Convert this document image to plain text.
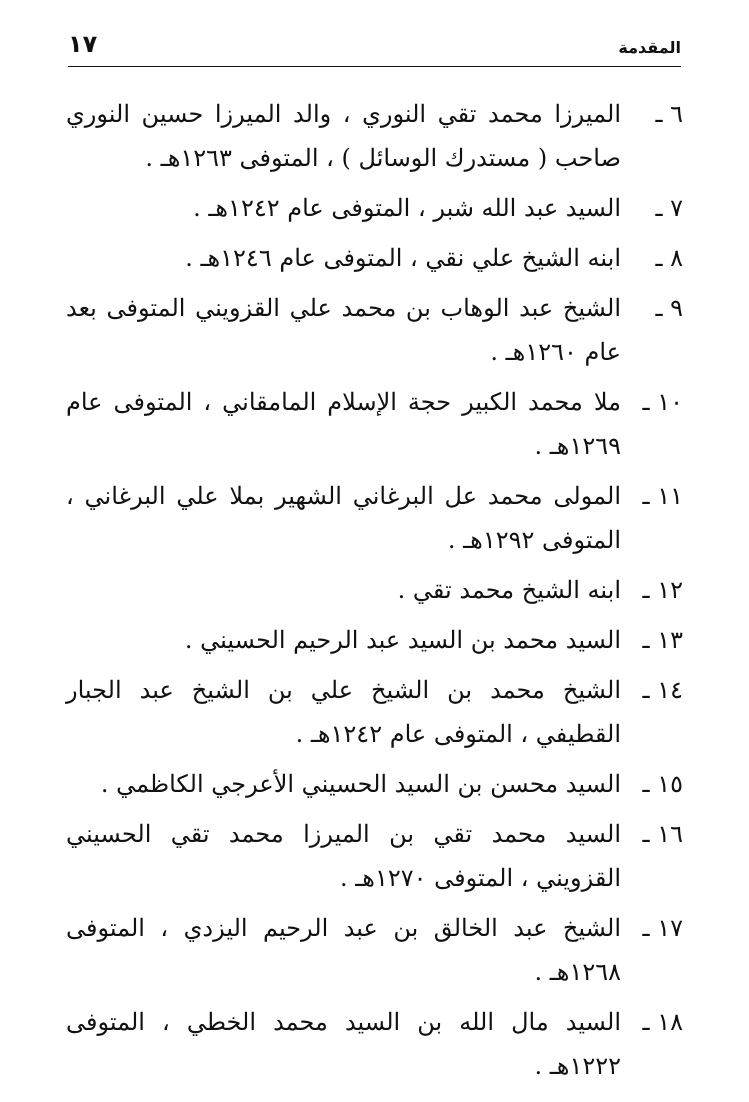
المقدمة
١٧
٦ ـ
الميرزا محمد تقي النوري ، والد الميرزا حسين النوري صاحب ( مستدرك الوسائل ) ، المتوفى ١٢٦٣هـ .
٧ ـ
السيد عبد الله شبر ، المتوفى عام ١٢٤٢هـ .
٨ ـ
ابنه الشيخ علي نقي ، المتوفى عام ١٢٤٦هـ .
٩ ـ
الشيخ عبد الوهاب بن محمد علي القزويني المتوفى بعد عام ١٢٦٠هـ .
١٠ ـ
ملا محمد الكبير حجة الإسلام المامقاني ، المتوفى عام ١٢٦٩هـ .
١١ ـ
المولى محمد عل البرغاني الشهير بملا علي البرغاني ، المتوفى ١٢٩٢هـ .
١٢ ـ
ابنه الشيخ محمد تقي .
١٣ ـ
السيد محمد بن السيد عبد الرحيم الحسيني .
١٤ ـ
الشيخ محمد بن الشيخ علي بن الشيخ عبد الجبار القطيفي ، المتوفى عام ١٢٤٢هـ .
١٥ ـ
السيد محسن بن السيد الحسيني الأعرجي الكاظمي .
١٦ ـ
السيد محمد تقي بن الميرزا محمد تقي الحسيني القزويني ، المتوفى ١٢٧٠هـ .
١٧ ـ
الشيخ عبد الخالق بن عبد الرحيم اليزدي ، المتوفى ١٢٦٨هـ .
١٨ ـ
السيد مال الله بن السيد محمد الخطي ، المتوفى ١٢٢٢هـ .
